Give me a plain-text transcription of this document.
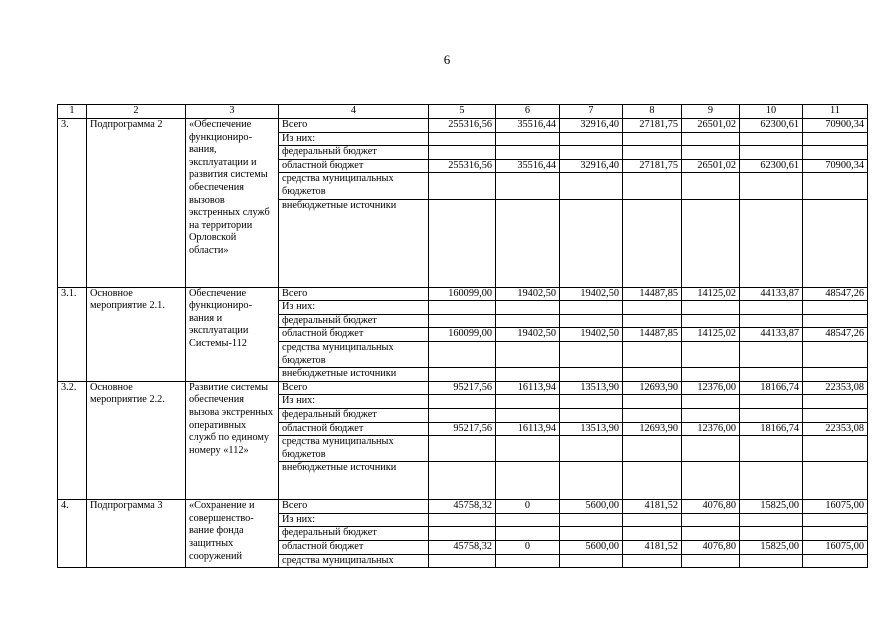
6
1	2	3	4	5	6	7	8	9	10	11
3.	Подпрограмма 2	«Обеспечение функциониро-вания, эксплуатации и развития системы обеспечения вызовов экстренных служб на территории Орловской области»	Всего	255316,56	35516,44	32916,40	27181,75	26501,02	62300,61	70900,34
			Из них:							
			федеральный бюджет							
			областной бюджет	255316,56	35516,44	32916,40	27181,75	26501,02	62300,61	70900,34
			средства муниципальных бюджетов							
			внебюджетные источники							
3.1.	Основное мероприятие 2.1.	Обеспечение функциониро-вания и эксплуатации Системы-112	Всего	160099,00	19402,50	19402,50	14487,85	14125,02	44133,87	48547,26
			Из них:							
			федеральный бюджет							
			областной бюджет	160099,00	19402,50	19402,50	14487,85	14125,02	44133,87	48547,26
			средства муниципальных бюджетов							
			внебюджетные источники							
3.2.	Основное мероприятие 2.2.	Развитие системы обеспечения вызова экстренных оперативных служб по единому номеру «112»	Всего	95217,56	16113,94	13513,90	12693,90	12376,00	18166,74	22353,08
			Из них:							
			федеральный бюджет							
			областной бюджет	95217,56	16113,94	13513,90	12693,90	12376,00	18166,74	22353,08
			средства муниципальных бюджетов							
			внебюджетные источники							
4.	Подпрограмма 3	«Сохранение и совершенство-вание фонда защитных сооружений	Всего	45758,32	0	5600,00	4181,52	4076,80	15825,00	16075,00
			Из них:							
			федеральный бюджет							
			областной бюджет	45758,32	0	5600,00	4181,52	4076,80	15825,00	16075,00
			средства муниципальных							
